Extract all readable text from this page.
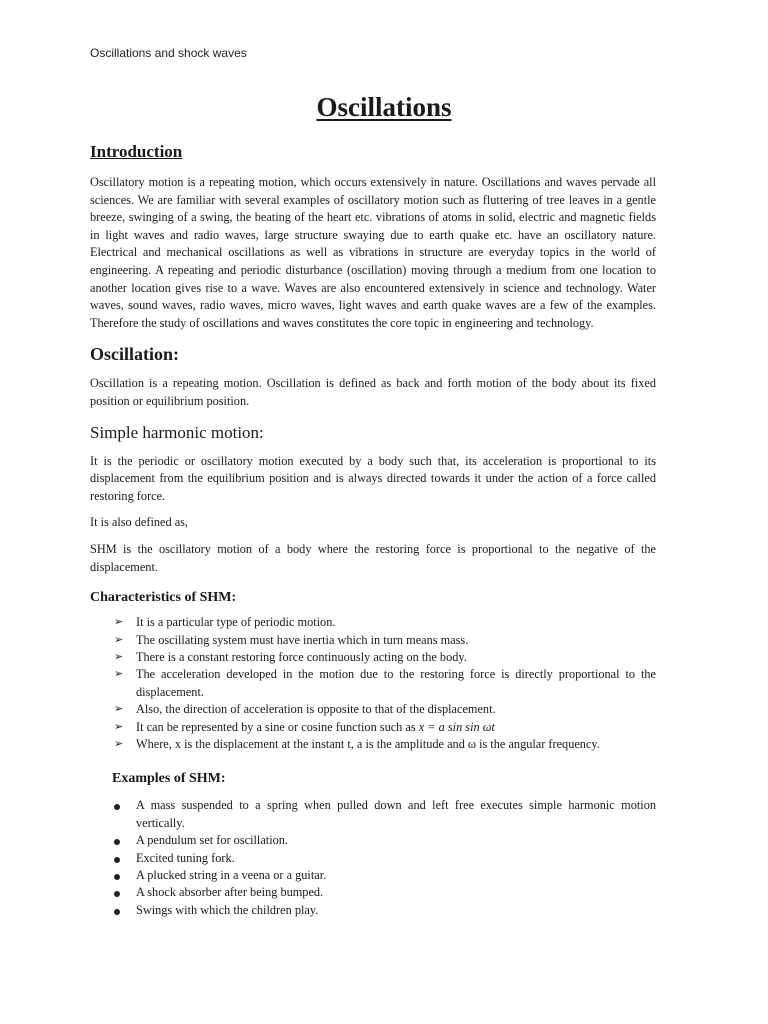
Oscillations and shock waves
Oscillations
Introduction

Oscillatory motion is a repeating motion, which occurs extensively in nature. Oscillations and waves pervade all sciences. We are familiar with several examples of oscillatory motion such as fluttering of tree leaves in a gentle breeze, swinging of a swing, the beating of the heart etc. vibrations of atoms in solid, electric and magnetic fields in light waves and radio waves, large structure swaying due to earth quake etc. have an oscillatory nature. Electrical and mechanical oscillations as well as vibrations in structure are everyday topics in the world of engineering. A repeating and periodic disturbance (oscillation) moving through a medium from one location to another location gives rise to a wave. Waves are also encountered extensively in science and technology. Water waves, sound waves, radio waves, micro waves, light waves and earth quake waves are a few of the examples. Therefore the study of oscillations and waves constitutes the core topic in engineering and technology.

Oscillation:

Oscillation is a repeating motion. Oscillation is defined as back and forth motion of the body about its fixed position or equilibrium position.

Simple harmonic motion:

It is the periodic or oscillatory motion executed by a body such that, its acceleration is proportional to its displacement from the equilibrium position and is always directed towards it under the action of a force called restoring force.

It is also defined as,

SHM is the oscillatory motion of a body where the restoring force is proportional to the negative of the displacement.

Characteristics of SHM:
➢ It is a particular type of periodic motion.
➢ The oscillating system must have inertia which in turn means mass.
➢ There is a constant restoring force continuously acting on the body.
➢ The acceleration developed in the motion due to the restoring force is directly proportional to the displacement.
➢ Also, the direction of acceleration is opposite to that of the displacement.
➢ It can be represented by a sine or cosine function such as x = a sin sin ωt
➢ Where, x is the displacement at the instant t, a is the amplitude and ω is the angular frequency.
Examples of SHM:
A mass suspended to a spring when pulled down and left free executes simple harmonic motion vertically.
A pendulum set for oscillation.
Excited tuning fork.
A plucked string in a veena or a guitar.
A shock absorber after being bumped.
Swings with which the children play.
